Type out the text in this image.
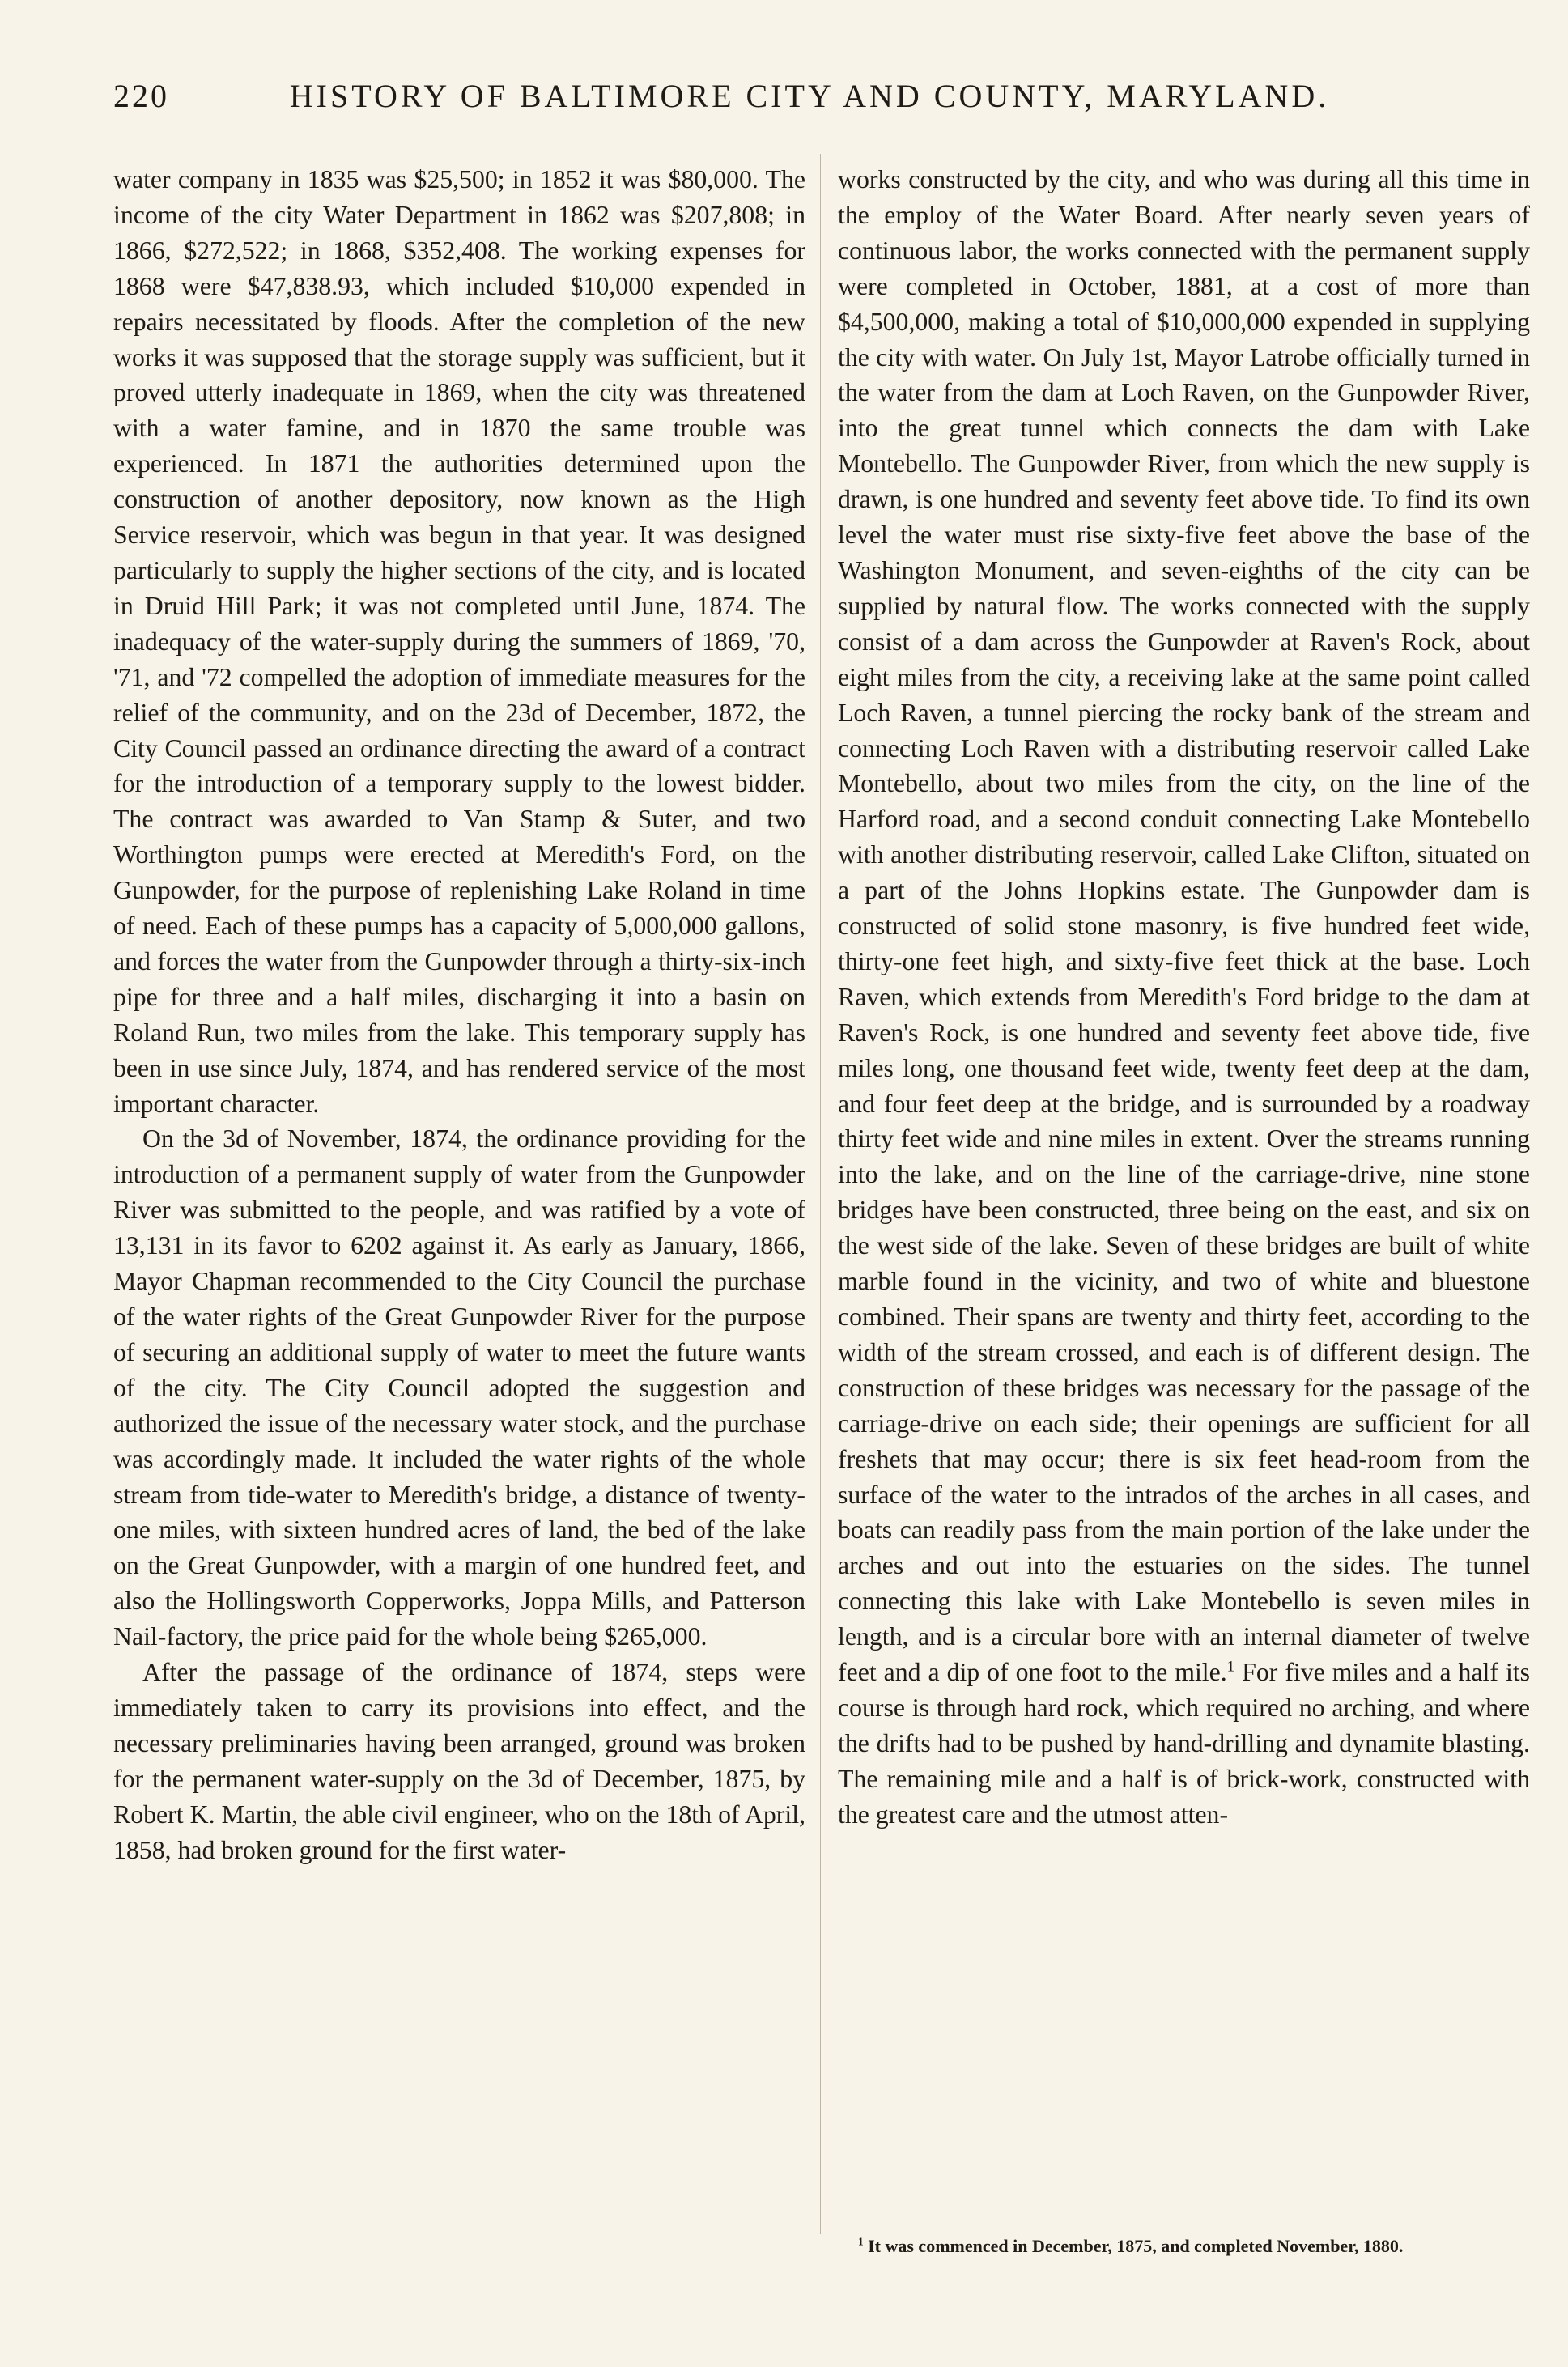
220	HISTORY OF BALTIMORE CITY AND COUNTY, MARYLAND.

water company in 1835 was $25,500; in 1852 it was $80,000. The income of the city Water Department in 1862 was $207,808; in 1866, $272,522; in 1868, $352,408. The working expenses for 1868 were $47,838.93, which included $10,000 expended in repairs necessitated by floods. After the completion of the new works it was supposed that the storage supply was sufficient, but it proved utterly inadequate in 1869, when the city was threatened with a water famine, and in 1870 the same trouble was experienced. In 1871 the authorities determined upon the construction of another depository, now known as the High Service reservoir, which was begun in that year. It was designed particularly to supply the higher sections of the city, and is located in Druid Hill Park; it was not completed until June, 1874. The inadequacy of the water-supply during the summers of 1869, '70, '71, and '72 compelled the adoption of immediate measures for the relief of the community, and on the 23d of December, 1872, the City Council passed an ordinance directing the award of a contract for the introduction of a temporary supply to the lowest bidder. The contract was awarded to Van Stamp & Suter, and two Worthington pumps were erected at Meredith's Ford, on the Gunpowder, for the purpose of replenishing Lake Roland in time of need. Each of these pumps has a capacity of 5,000,000 gallons, and forces the water from the Gunpowder through a thirty-six-inch pipe for three and a half miles, discharging it into a basin on Roland Run, two miles from the lake. This temporary supply has been in use since July, 1874, and has rendered service of the most important character.

On the 3d of November, 1874, the ordinance providing for the introduction of a permanent supply of water from the Gunpowder River was submitted to the people, and was ratified by a vote of 13,131 in its favor to 6202 against it. As early as January, 1866, Mayor Chapman recommended to the City Council the purchase of the water rights of the Great Gunpowder River for the purpose of securing an additional supply of water to meet the future wants of the city. The City Council adopted the suggestion and authorized the issue of the necessary water stock, and the purchase was accordingly made. It included the water rights of the whole stream from tide-water to Meredith's bridge, a distance of twenty-one miles, with sixteen hundred acres of land, the bed of the lake on the Great Gunpowder, with a margin of one hundred feet, and also the Hollingsworth Copperworks, Joppa Mills, and Patterson Nail-factory, the price paid for the whole being $265,000.

After the passage of the ordinance of 1874, steps were immediately taken to carry its provisions into effect, and the necessary preliminaries having been arranged, ground was broken for the permanent water-supply on the 3d of December, 1875, by Robert K. Martin, the able civil engineer, who on the 18th of April, 1858, had broken ground for the first water-

works constructed by the city, and who was during all this time in the employ of the Water Board. After nearly seven years of continuous labor, the works connected with the permanent supply were completed in October, 1881, at a cost of more than $4,500,000, making a total of $10,000,000 expended in supplying the city with water. On July 1st, Mayor Latrobe officially turned in the water from the dam at Loch Raven, on the Gunpowder River, into the great tunnel which connects the dam with Lake Montebello. The Gunpowder River, from which the new supply is drawn, is one hundred and seventy feet above tide. To find its own level the water must rise sixty-five feet above the base of the Washington Monument, and seven-eighths of the city can be supplied by natural flow. The works connected with the supply consist of a dam across the Gunpowder at Raven's Rock, about eight miles from the city, a receiving lake at the same point called Loch Raven, a tunnel piercing the rocky bank of the stream and connecting Loch Raven with a distributing reservoir called Lake Montebello, about two miles from the city, on the line of the Harford road, and a second conduit connecting Lake Montebello with another distributing reservoir, called Lake Clifton, situated on a part of the Johns Hopkins estate. The Gunpowder dam is constructed of solid stone masonry, is five hundred feet wide, thirty-one feet high, and sixty-five feet thick at the base. Loch Raven, which extends from Meredith's Ford bridge to the dam at Raven's Rock, is one hundred and seventy feet above tide, five miles long, one thousand feet wide, twenty feet deep at the dam, and four feet deep at the bridge, and is surrounded by a roadway thirty feet wide and nine miles in extent. Over the streams running into the lake, and on the line of the carriage-drive, nine stone bridges have been constructed, three being on the east, and six on the west side of the lake. Seven of these bridges are built of white marble found in the vicinity, and two of white and bluestone combined. Their spans are twenty and thirty feet, according to the width of the stream crossed, and each is of different design. The construction of these bridges was necessary for the passage of the carriage-drive on each side; their openings are sufficient for all freshets that may occur; there is six feet head-room from the surface of the water to the intrados of the arches in all cases, and boats can readily pass from the main portion of the lake under the arches and out into the estuaries on the sides. The tunnel connecting this lake with Lake Montebello is seven miles in length, and is a circular bore with an internal diameter of twelve feet and a dip of one foot to the mile.$^1$ For five miles and a half its course is through hard rock, which required no arching, and where the drifts had to be pushed by hand-drilling and dynamite blasting. The remaining mile and a half is of brick-work, constructed with the greatest care and the utmost atten-

$^1$ It was commenced in December, 1875, and completed November, 1880.
